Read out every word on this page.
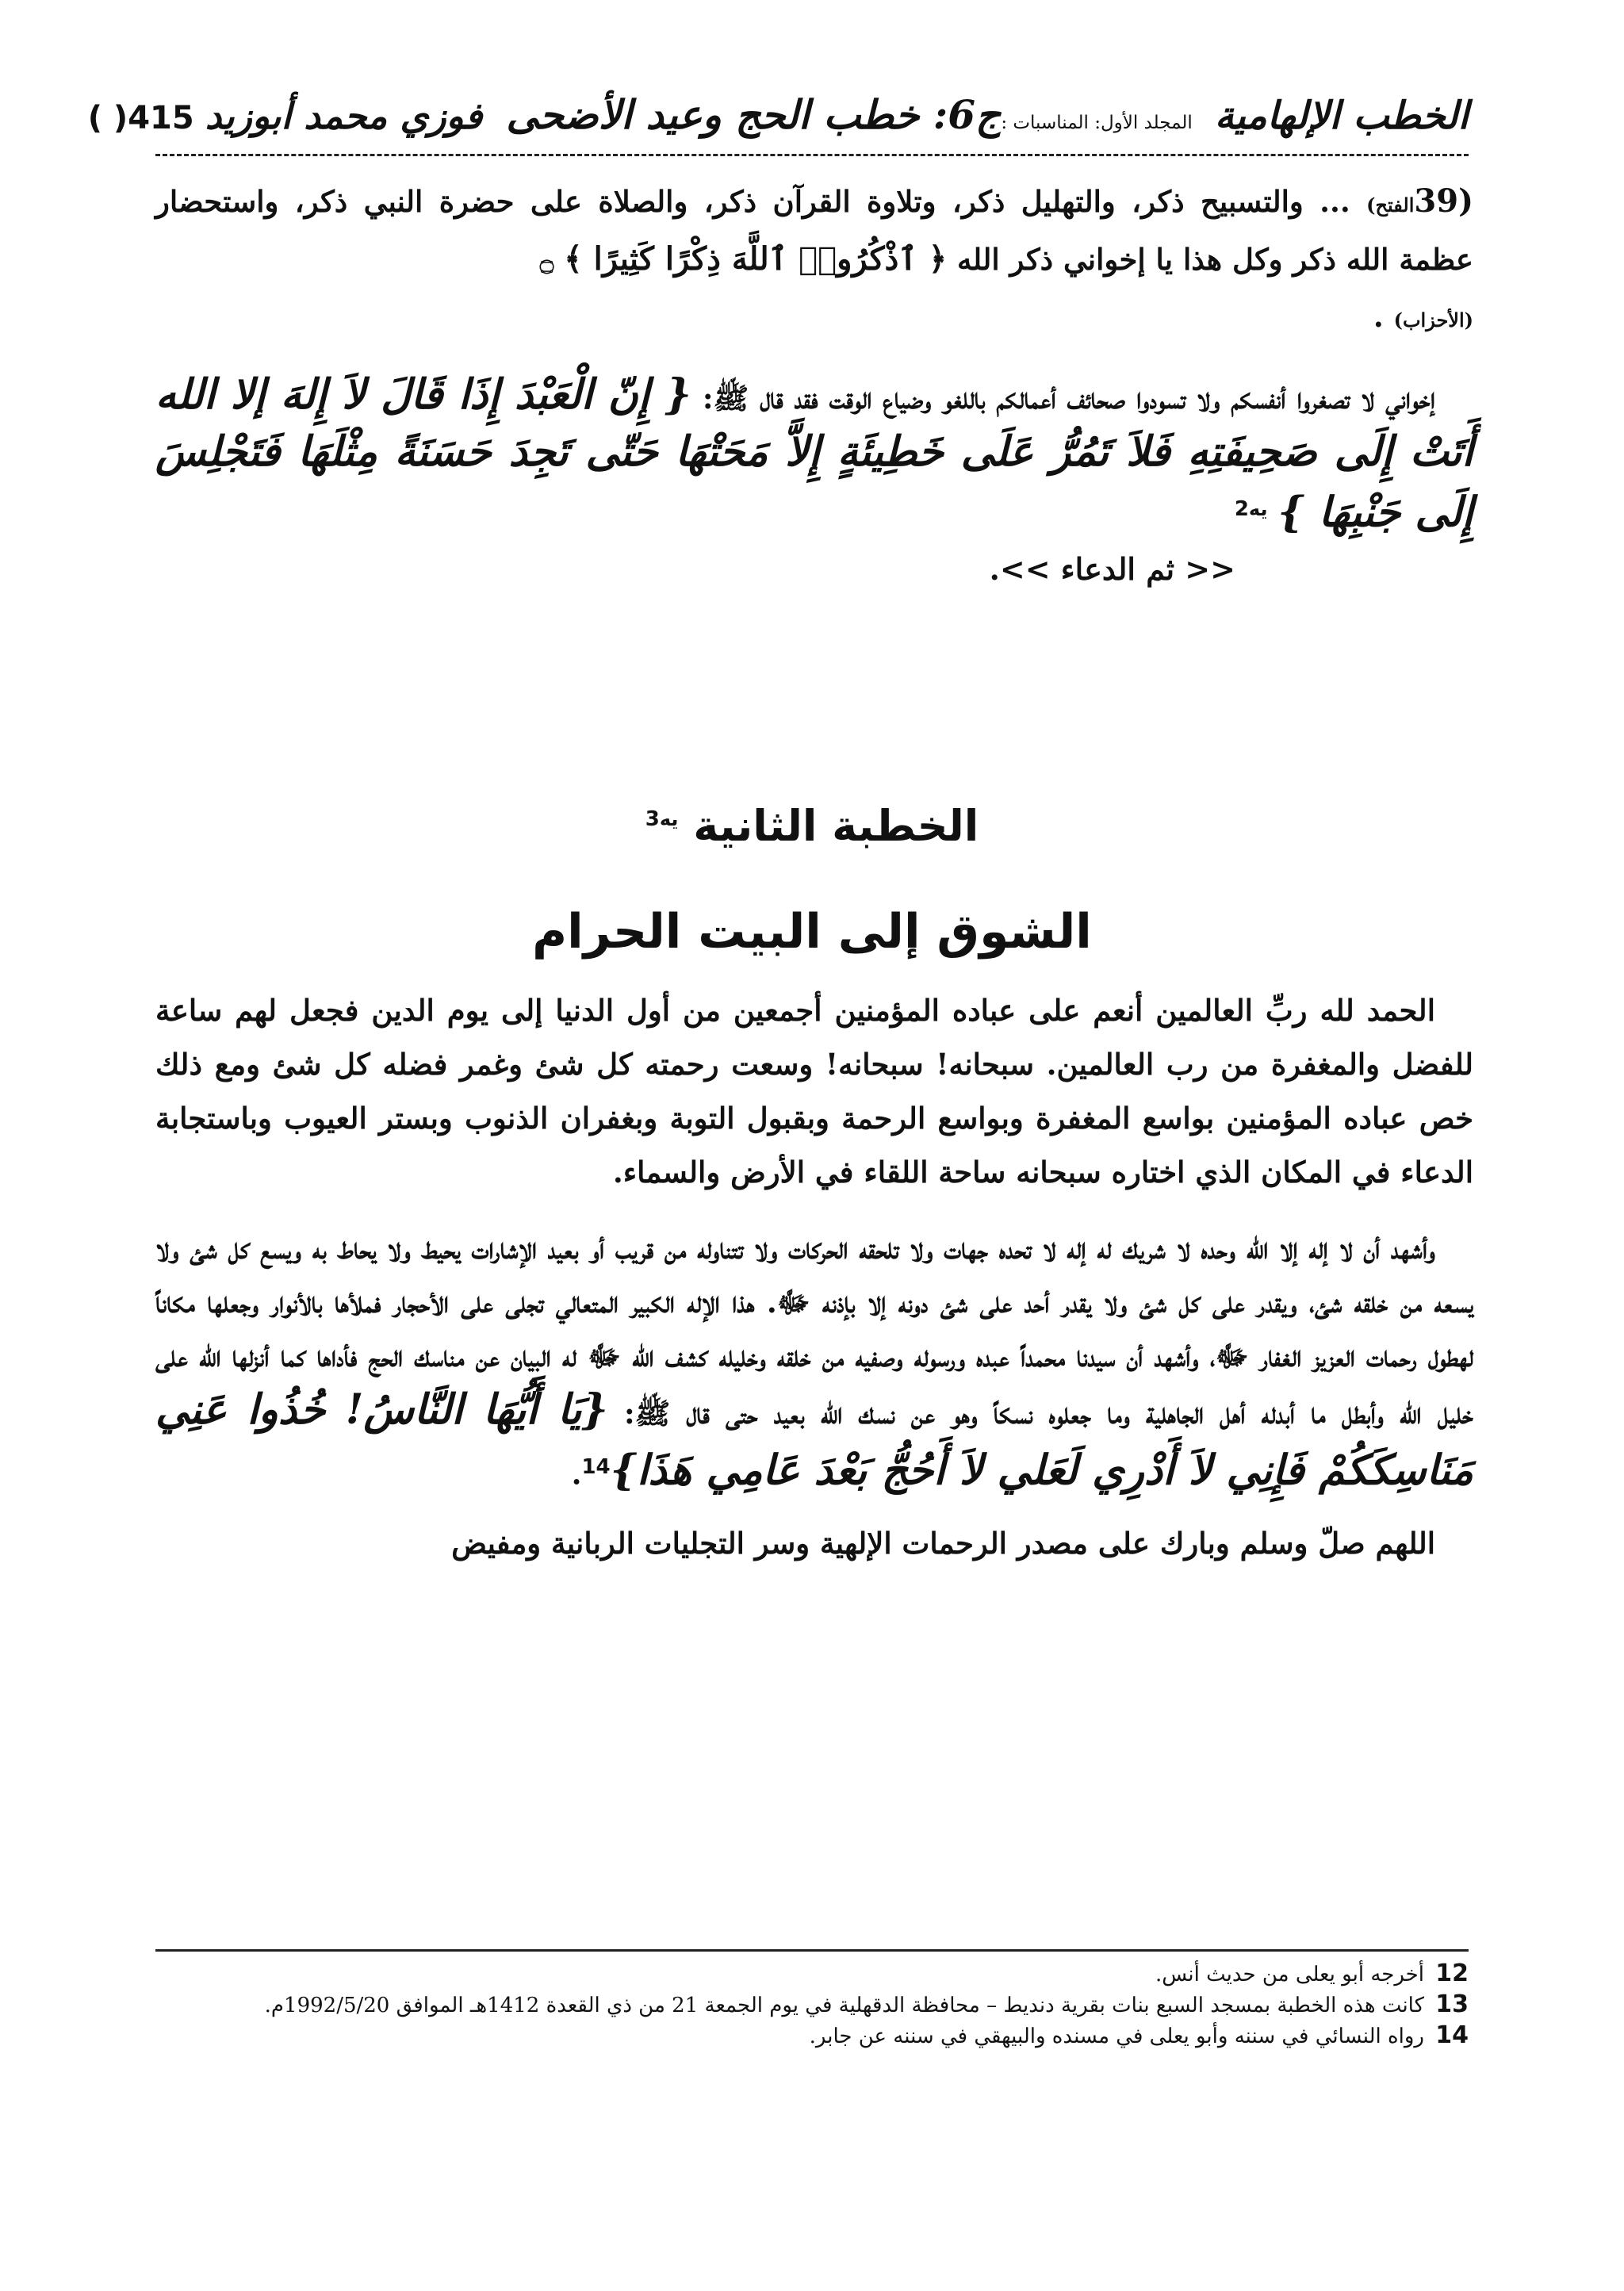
الخطب الإلهامية
المجلد الأول: المناسبات :
ج6: خطب الحج وعيد الأضحى
فوزي محمد أبوزيد
415( )

(39الفتح) ... والتسبيح ذكر، والتهليل ذكر، وتلاوة القرآن ذكر، والصلاة على حضرة النبي ذكر، واستحضار عظمة الله ذكر وكل هذا يا إخواني ذكر الله ﴿ ٱذْكُرُوا۟ ٱللَّهَ ذِكْرًا كَثِيرًا ﴾ ۝
(الأحزاب) .

إخواني لا تصغروا أنفسكم ولا تسودوا صحائف أعمالكم باللغو وضياع الوقت فقد قال ﷺ: { إِنّ الْعَبْدَ إِذَا قَالَ لاَ إِلهَ إلا الله أَتَتْ إِلَى صَحِيفَتِهِ فَلاَ تَمُرُّ عَلَى خَطِيئَةٍ إِلاَّ مَحَتْهَا حَتّى تَجِدَ حَسَنَةً مِثْلَهَا فَتَجْلِسَ إِلَى جَنْبِهَا } $^{يه2}$

<< ثم الدعاء >>.

الخطبة الثانية $^{يه3}$
الشوق إلى البيت الحرام

الحمد لله ربِّ العالمين أنعم على عباده المؤمنين أجمعين من أول الدنيا إلى يوم الدين فجعل لهم ساعة للفضل والمغفرة من رب العالمين. سبحانه! سبحانه! وسعت رحمته كل شئ وغمر فضله كل شئ ومع ذلك خص عباده المؤمنين بواسع المغفرة وبواسع الرحمة وبقبول التوبة وبغفران الذنوب وبستر العيوب وباستجابة الدعاء في المكان الذي اختاره سبحانه ساحة اللقاء في الأرض والسماء.

وأشهد أن لا إله إلا الله وحده لا شريك له إله لا تحده جهات ولا تلحقه الحركات ولا تتناوله من قريب أو بعيد الإشارات يحيط ولا يحاط به ويسع كل شئ ولا يسعه من خلقه شئ، ويقدر على كل شئ ولا يقدر أحد على شئ دونه إلا بإذنه ﷻ. هذا الإله الكبير المتعالي تجلى على الأحجار فملأها بالأنوار وجعلها مكاناً لهطول رحمات العزيز الغفار ﷻ، وأشهد أن سيدنا محمداً عبده ورسوله وصفيه من خلقه وخليله كشف الله ﷻ له البيان عن مناسك الحج فأداها كما أنزلها الله على خليل الله وأبطل ما أبدله أهل الجاهلية وما جعلوه نسكاً وهو عن نسك الله بعيد حتى قال ﷺ: {يَا أَيُّهَا النَّاسُ! خُذُوا عَنِي مَنَاسِكَكُمْ فَإِنِي لاَ أَدْرِي لَعَلي لاَ أَحُجُّ بَعْدَ عَامِي هَذَا}$^{14}$.

اللهم صلّ وسلم وبارك على مصدر الرحمات الإلهية وسر التجليات الربانية ومفيض

12 أخرجه أبو يعلى من حديث أنس.
13 كانت هذه الخطبة بمسجد السبع بنات بقرية دنديط – محافظة الدقهلية في يوم الجمعة 21 من ذي القعدة 1412هـ الموافق 1992/5/20م.
14 رواه النسائي في سننه وأبو يعلى في مسنده والبيهقي في سننه عن جابر.
